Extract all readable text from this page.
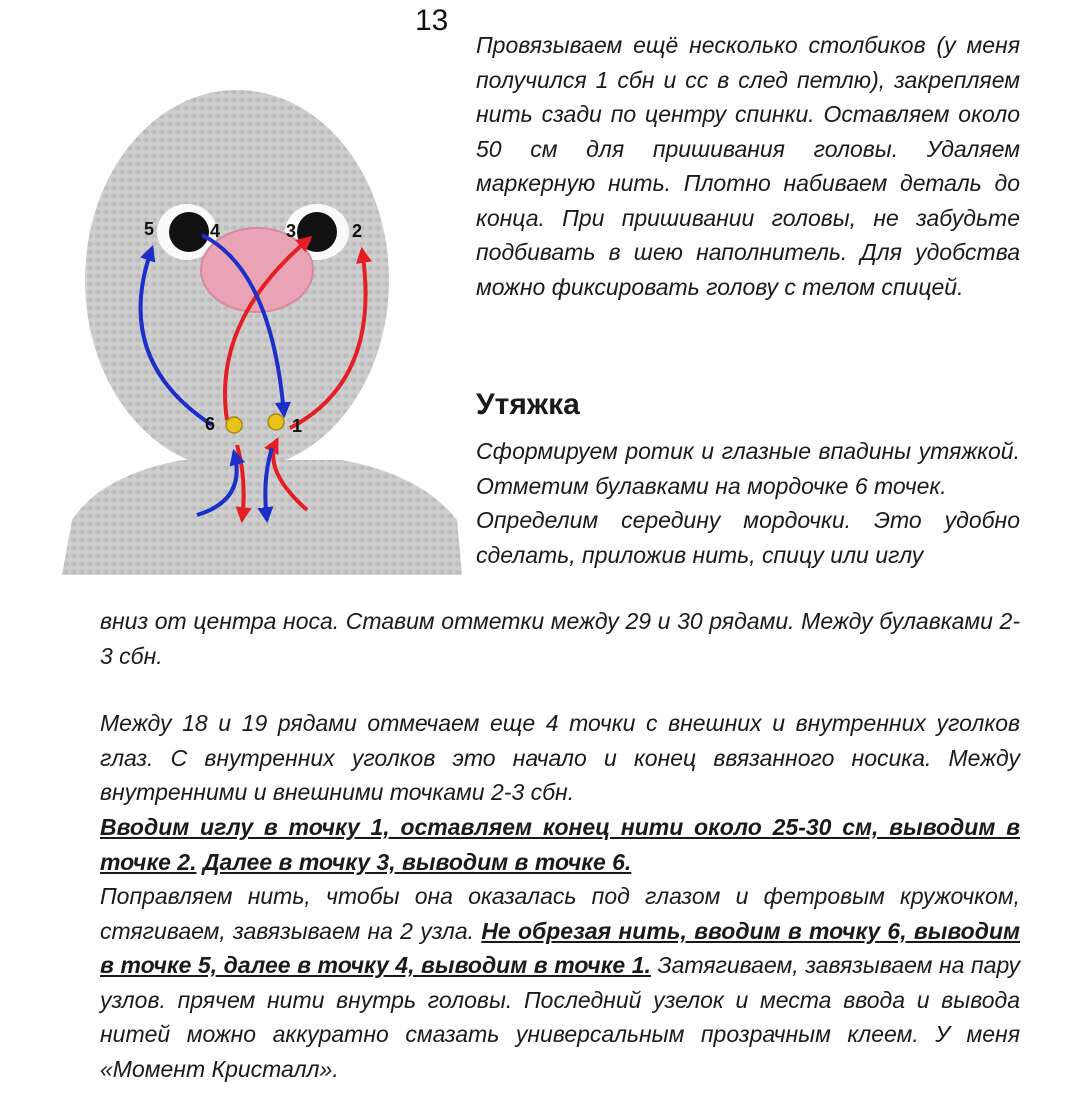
13
1
2
3
4
5
6

Провязываем ещё несколько столбиков (у меня получился 1 сбн и сс в след петлю), закрепляем нить сзади по центру спинки. Оставляем около 50 см для пришивания головы. Удаляем маркерную нить. Плотно набиваем деталь до конца. При пришивании головы, не забудьте подбивать в шею наполнитель. Для удобства можно фиксировать голову с телом спицей.

Утяжка

Сформируем ротик и глазные впадины утяжкой. Отметим булавками на мордочке 6 точек.

Определим середину мордочки. Это удобно сделать, приложив нить, спицу или иглу

вниз от центра носа. Ставим отметки между 29 и 30 рядами. Между булавками 2-3 сбн.

Между 18 и 19 рядами отмечаем еще 4 точки с внешних и внутренних уголков глаз. С внутренних уголков это начало и конец ввязанного носика. Между внутренними и внешними точками 2-3 сбн.

Вводим иглу в точку 1, оставляем конец нити около 25-30 см, выводим в точке 2. Далее в точку 3, выводим в точке 6.

Поправляем нить, чтобы она оказалась под глазом и фетровым кружочком, стягиваем, завязываем на 2 узла. Не обрезая нить, вводим в точку 6, выводим в точке 5, далее в точку 4, выводим в точке 1. Затягиваем, завязываем на пару узлов. прячем нити внутрь головы. Последний узелок и места ввода и вывода нитей можно аккуратно смазать универсальным прозрачным клеем. У меня «Момент Кристалл».
